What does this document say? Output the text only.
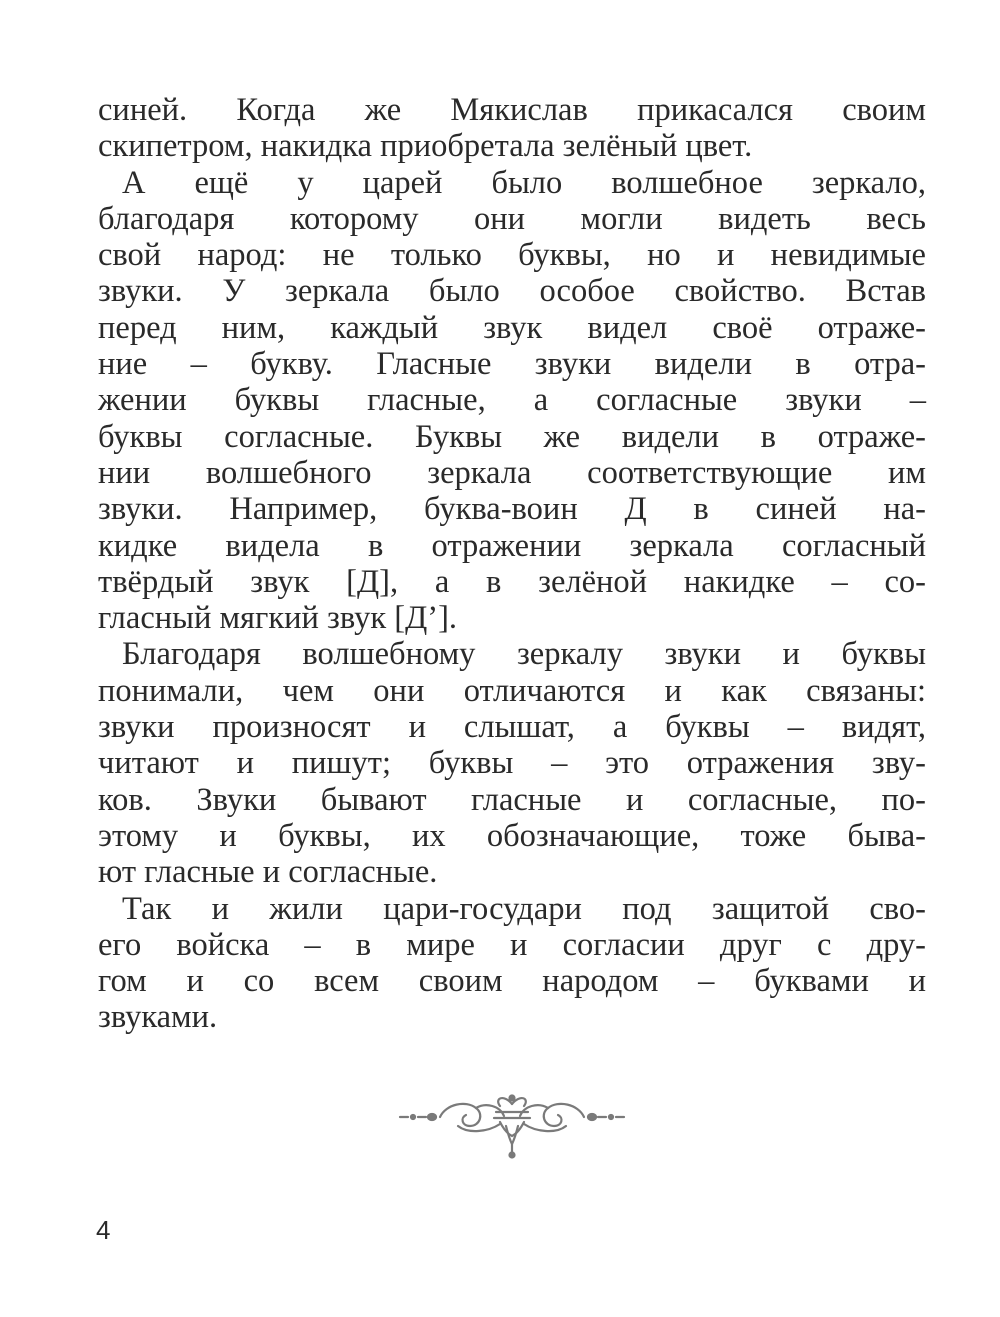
синей. Когда же Мякислав прикасался своим
скипетром, накидка приобретала зелёный цвет.
А ещё у царей было волшебное зеркало,
благодаря которому они могли видеть весь
свой народ: не только буквы, но и невидимые
звуки. У зеркала было особое свойство. Встав
перед ним, каждый звук видел своё отраже-
ние – букву. Гласные звуки видели в отра-
жении буквы гласные, а согласные звуки –
буквы согласные. Буквы же видели в отраже-
нии волшебного зеркала соответствующие им
звуки. Например, буква-воин Д в синей на-
кидке видела в отражении зеркала согласный
твёрдый звук [Д], а в зелёной накидке – со-
гласный мягкий звук [Д’].
Благодаря волшебному зеркалу звуки и буквы
понимали, чем они отличаются и как связаны:
звуки произносят и слышат, а буквы – видят,
читают и пишут; буквы – это отражения зву-
ков. Звуки бывают гласные и согласные, по-
этому и буквы, их обозначающие, тоже быва-
ют гласные и согласные.
Так и жили цари-государи под защитой сво-
его войска – в мире и согласии друг с дру-
гом и со всем своим народом – буквами и
звуками.
4
